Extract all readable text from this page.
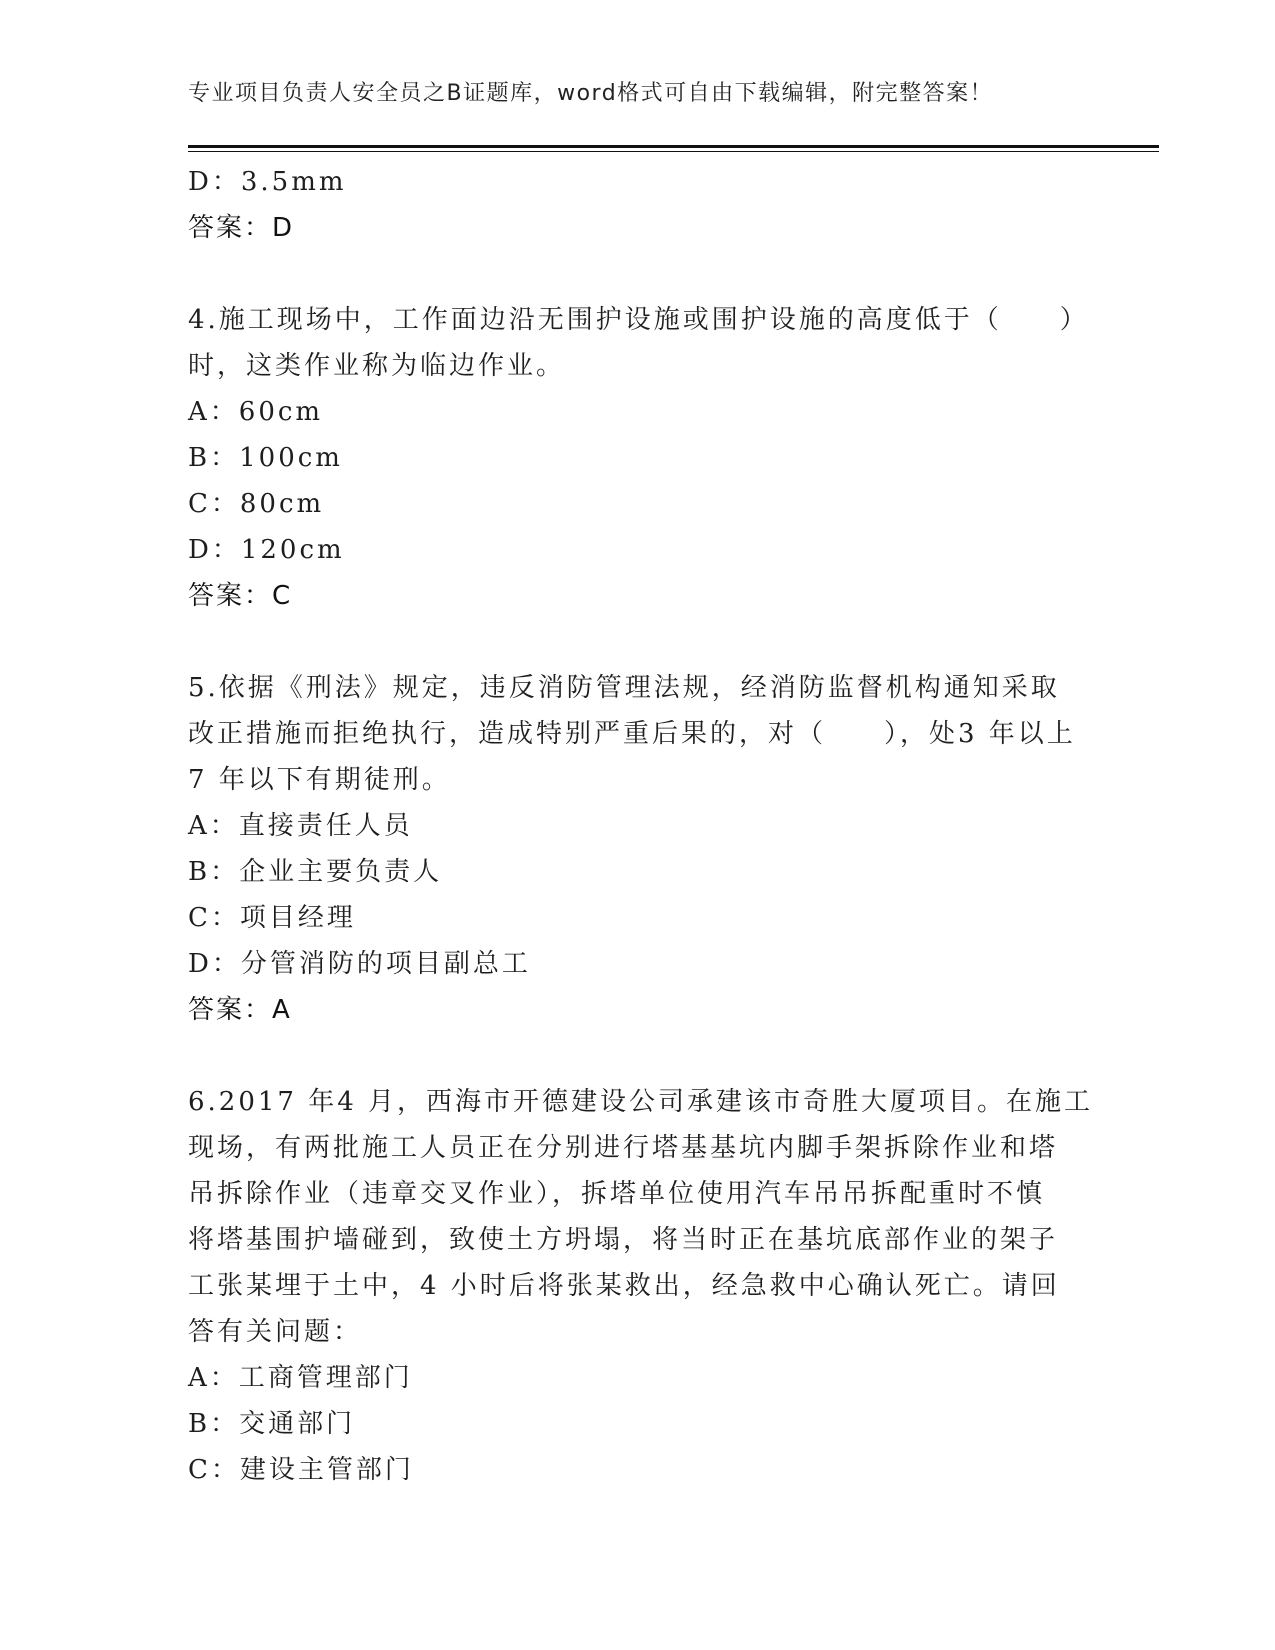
专业项目负责人安全员之B证题库，word格式可自由下载编辑，附完整答案！
D：3.5mm
答案：D
4.施工现场中，工作面边沿无围护设施或围护设施的高度低于（　　）
时，这类作业称为临边作业。
A：60cm
B：100cm
C：80cm
D：120cm
答案：C
5.依据《刑法》规定，违反消防管理法规，经消防监督机构通知采取
改正措施而拒绝执行，造成特别严重后果的，对（　　），处3 年以上
7 年以下有期徒刑。
A：直接责任人员
B：企业主要负责人
C：项目经理
D：分管消防的项目副总工
答案：A
6.2017 年4 月，西海市开德建设公司承建该市奇胜大厦项目。在施工
现场，有两批施工人员正在分别进行塔基基坑内脚手架拆除作业和塔
吊拆除作业（违章交叉作业），拆塔单位使用汽车吊吊拆配重时不慎
将塔基围护墙碰到，致使土方坍塌，将当时正在基坑底部作业的架子
工张某埋于土中，4 小时后将张某救出，经急救中心确认死亡。请回
答有关问题：
A：工商管理部门
B：交通部门
C：建设主管部门
